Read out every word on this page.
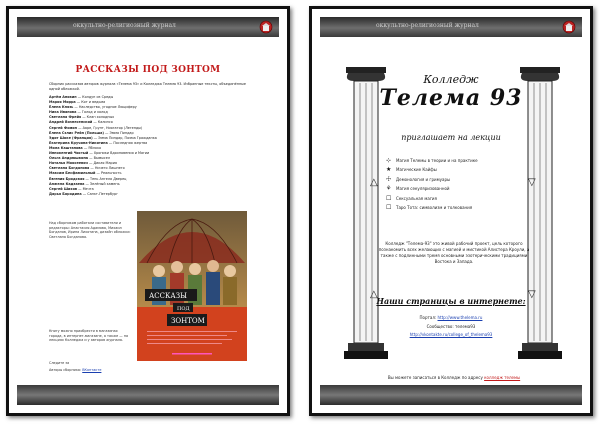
оккультно-религиозный журнал
РАССКАЗЫ ПОД ЗОНТОМ
Сборник рассказов авторов журнала «Телема 93» и Колледжа Телема 93. Избранные тексты, объединённые одной обложкой.
Артём Аникин — Колдун из Среды
Мария Мирра — Кот и ведьма
Елена Князь — Наследство, угодное Люциферу
Ника Иванова — Голод и холод
Светлана Фрейя — Клан холодных
Андрей Вознесенский — Калипсо
Сергей Фомин — Ааре, Грунт, Ниогатор (Легенды)
Елена Сэлис Рейн (Польша) — Эмма Пиндар
Эдит Шоке (Франция) — Эмма Пиндар, Поэма Гражданка
Екатерина Кручина-Никитина — Последняя жертва
Мила Каштанова — Яблоко
Иннокентий Чистый — Хроники Вдохновения и Магии
Ольга Андрюшкина — Вымысел
Наталья Моисеевич — Дикая Мария
Светлана Богданова — Ничего Лишнего
Максим Бесфамильный — Реальность
Евгения Бродская — Тень Ангела Дверец
Анжела Кадзаева — Зелёный камень
Сергей Шихов — Мечта
Дарья Бородина — Санкт-Петербург
Над сборником работали составители и редакторы: Анастасия Адамова, Михаил Богданов, Ирина Лихотина, дизайн обложки: Светлана Богданова.
АССКАЗЫ
ПОД
ЗОНТОМ
Книгу можно приобрести в магазинах города, в интернет-магазине, а также — на лекциях Колледжа и у авторов журнала.
Следите за
Авторы сборника: ВКонтакте
оккультно-религиозный журнал
Колледж
Телема 93
приглашает на лекции
⊹ Магия Телемы в теории и на практике
★ Магические Кайфы
☩ Демонология и гримуары
⚘ Магия секуляризованной
☐ Сексуальная магия
☐ Таро Тота: символизм и толкования
△	▽
△	▽
Колледж "Телема-93" это живой рабочий проект, цель которого познакомить всех желающих с магией и мистикой Алистера Кроули, а также с подлинными тремя основными эзотерическими традициями Востока и Запада.
Наши страницы в интернете:
Портал: http://www.thelema.ru
Сообщество: телема93
http://vkontakte.ru/college_of_thelema93
Вы можете записаться в Колледж по адресу колледж телемы
